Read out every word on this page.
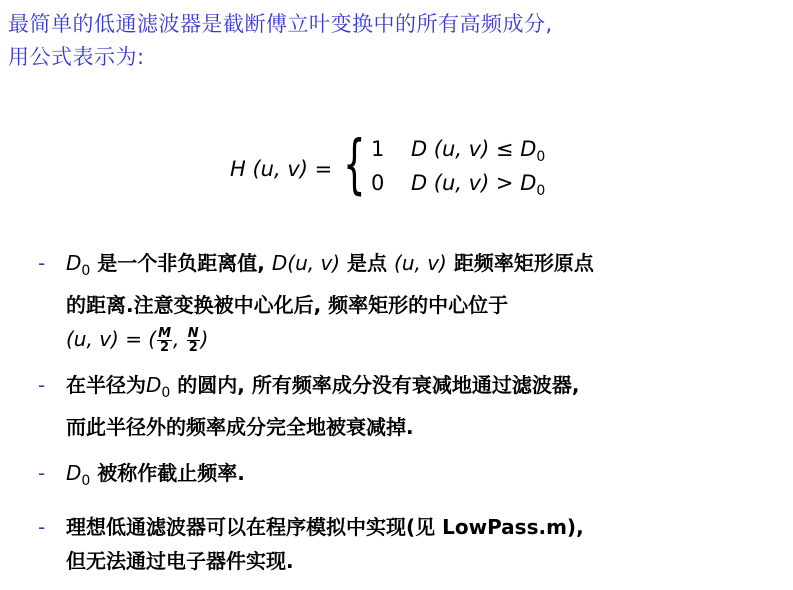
最简单的低通滤波器是截断傅立叶变换中的所有高频成分,
用公式表示为:
H (u, v) = { 1	D (u, $v) \le D_0$
0	D (u, $v) > D_0$
- $D_0$ 是一个非负距离值, D(u, v) 是点 (u, v) 距频率矩形原点
的距离.注意变换被中心化后, 频率矩形的中心位于
(u, v) = ( $\frac{M}{2}$ , $\frac{N}{2}$ )
- 在半径为$D_0$ 的圆内, 所有频率成分没有衰减地通过滤波器,
而此半径外的频率成分完全地被衰减掉.
- $D_0$ 被称作截止频率.
- 理想低通滤波器可以在程序模拟中实现(见 LowPass.m),
但无法通过电子器件实现.
